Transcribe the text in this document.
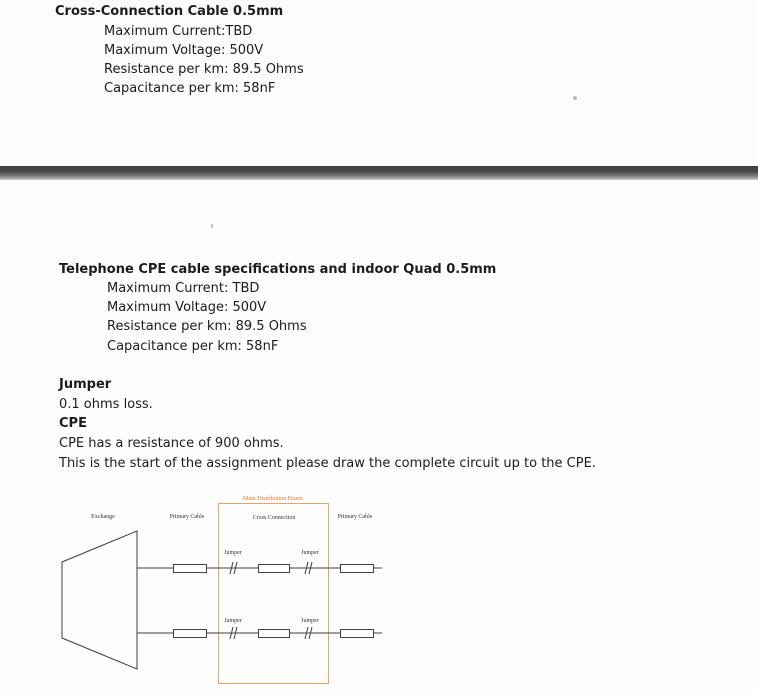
Cross-Connection Cable 0.5mm
Maximum Current:TBD
Maximum Voltage: 500V
Resistance per km: 89.5 Ohms
Capacitance per km: 58nF
Telephone CPE cable specifications and indoor Quad 0.5mm
Maximum Current: TBD
Maximum Voltage: 500V
Resistance per km: 89.5 Ohms
Capacitance per km: 58nF
Jumper
0.1 ohms loss.
CPE
CPE has a resistance of 900 ohms.
This is the start of the assignment please draw the complete circuit up to the CPE.
Main Distribution Frame
Exchange	Primary Cable	Cross Connection	Primary Cable
Jumper	Jumper
Jumper	Jumper
